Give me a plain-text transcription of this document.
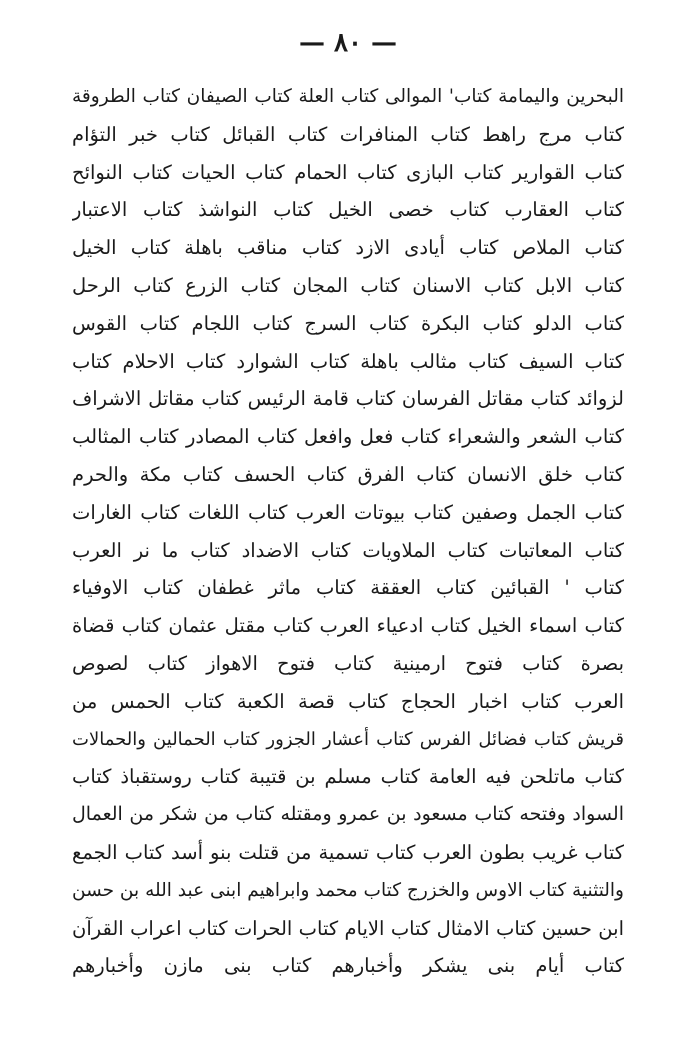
— ٨٠ —
البحرين واليمامة كتاب' الموالى كتاب العلة كتاب الصيفان كتاب الطروقة
كتاب مرج راهط كتاب المنافرات كتاب القبائل كتاب خبر التؤام
كتاب القوارير كتاب البازى كتاب الحمام كتاب الحيات كتاب النوائح
كتاب العقارب كتاب خصى الخيل كتاب النواشذ كتاب الاعتبار
كتاب الملاص كتاب أيادى الازد كتاب مناقب باهلة كتاب الخيل
كتاب الابل كتاب الاسنان كتاب المجان كتاب الزرع كتاب الرحل
كتاب الدلو كتاب البكرة كتاب السرج كتاب اللجام كتاب القوس
كتاب السيف كتاب مثالب باهلة كتاب الشوارد كتاب الاحلام كتاب
لزوائد كتاب مقاتل الفرسان كتاب قامة الرئيس كتاب مقاتل الاشراف
كتاب الشعر والشعراء كتاب فعل وافعل كتاب المصادر كتاب المثالب
كتاب خلق الانسان كتاب الفرق كتاب الحسف كتاب مكة والحرم
كتاب الجمل وصفين كتاب بيوتات العرب كتاب اللغات كتاب الغارات
كتاب المعاتبات كتاب الملاويات كتاب الاضداد كتاب ما نر العرب
كتاب ' القبائين كتاب العققة كتاب ماثر غطفان كتاب الاوفياء
كتاب اسماء الخيل كتاب ادعياء العرب كتاب مقتل عثمان كتاب قضاة
بصرة كتاب فتوح ارمينية كتاب فتوح الاهواز كتاب لصوص
العرب كتاب اخبار الحجاج كتاب قصة الكعبة كتاب الحمس من
قريش كتاب فضائل الفرس كتاب أعشار الجزور كتاب الحمالين والحمالات
كتاب ماتلحن فيه العامة كتاب مسلم بن قتيبة كتاب روستقباذ كتاب
السواد وفتحه كتاب مسعود بن عمرو ومقتله كتاب من شكر من العمال
كتاب غريب بطون العرب كتاب تسمية من قتلت بنو أسد كتاب الجمع
والتثنية كتاب الاوس والخزرج كتاب محمد وابراهيم ابنى عبد الله بن حسن
ابن حسين كتاب الامثال كتاب الايام كتاب الحرات كتاب اعراب القرآن
كتاب أيام بنى يشكر وأخبارهم كتاب بنى مازن وأخبارهم
